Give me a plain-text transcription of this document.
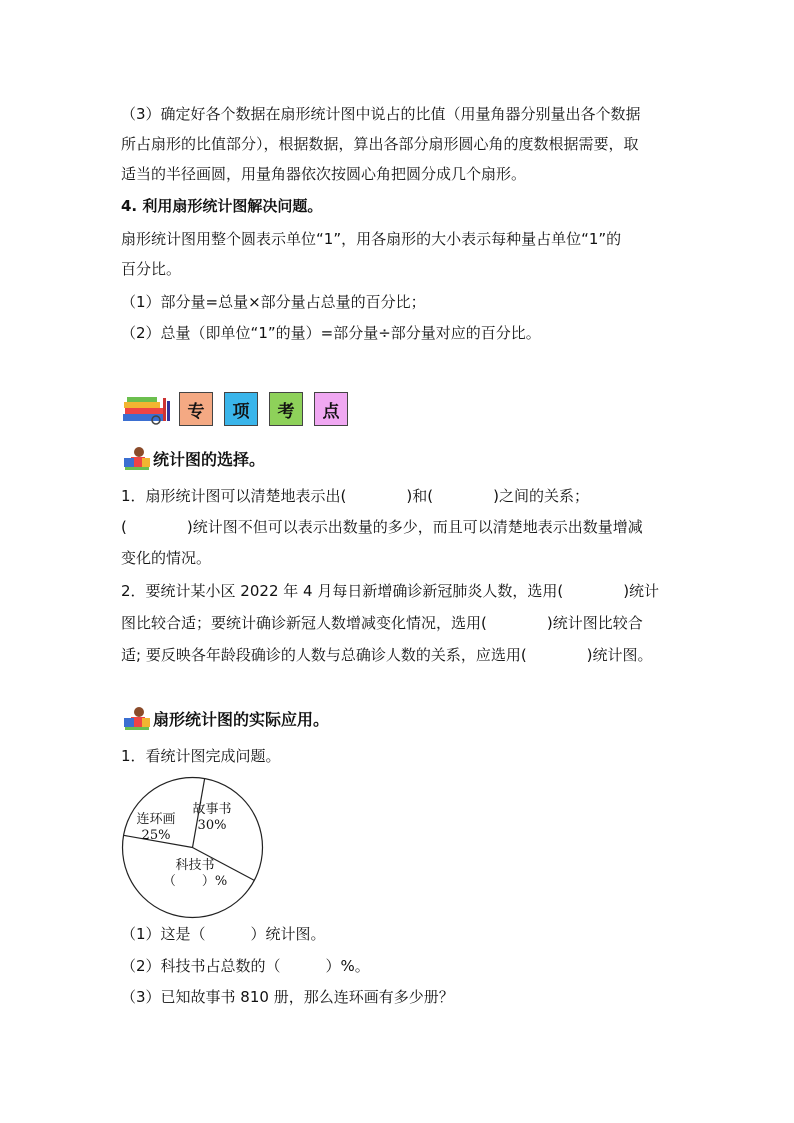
（3）确定好各个数据在扇形统计图中说占的比值（用量角器分别量出各个数据
所占扇形的比值部分），根据数据，算出各部分扇形圆心角的度数根据需要，取
适当的半径画圆，用量角器依次按圆心角把圆分成几个扇形。
4. 利用扇形统计图解决问题。
扇形统计图用整个圆表示单位“1”，用各扇形的大小表示每种量占单位“1”的
百分比。
（1）部分量=总量×部分量占总量的百分比；
（2）总量（即单位“1”的量）=部分量÷部分量对应的百分比。
专	项	考	点
统计图的选择。
1．扇形统计图可以清楚地表示出(　　　　)和(　　　　)之间的关系；
(　　　　)统计图不但可以表示出数量的多少，而且可以清楚地表示出数量增减
变化的情况。
2．要统计某小区 2022 年 4 月每日新增确诊新冠肺炎人数，选用(　　　　)统计
图比较合适；要统计确诊新冠人数增减变化情况，选用(　　　　)统计图比较合
适; 要反映各年龄段确诊的人数与总确诊人数的关系，应选用(　　　　)统计图。
扇形统计图的实际应用。
1．看统计图完成问题。
连环画
25%
故事书
30%
科技书
（　　）%
（1）这是（　　　）统计图。
（2）科技书占总数的（　　　）%。
（3）已知故事书 810 册，那么连环画有多少册？
